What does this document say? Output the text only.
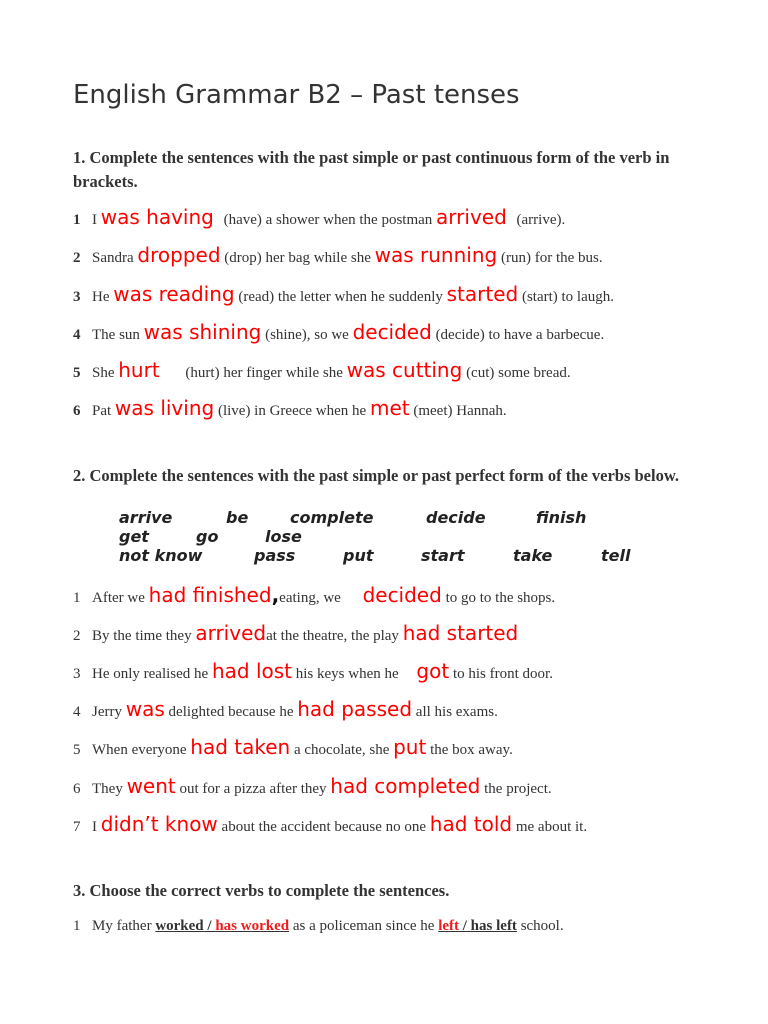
English Grammar B2 – Past tenses

1. Complete the sentences with the past simple or past continuous form of the verb in brackets.

1 I was having (have) a shower when the postman arrived (arrive).
2 Sandra dropped (drop) her bag while she was running (run) for the bus.
3 He was reading (read) the letter when he suddenly started (start) to laugh.
4 The sun was shining (shine), so we decided (decide) to have a barbecue.
5 She hurt (hurt) her finger while she was cutting (cut) some bread.
6 Pat was living (live) in Greece when he met (meet) Hannah.

2. Complete the sentences with the past simple or past perfect form of the verbs below.

arrive	be	complete	decide	finish
get	go	lose
not know	pass	put	start	take	tell
1 After we had finished,eating, we decided to go to the shops.
2 By the time they arrivedat the theatre, the play had started
3 He only realised he had lost his keys when he got to his front door.
4 Jerry was delighted because he had passed all his exams.
5 When everyone had taken a chocolate, she put the box away.
6 They went out for a pizza after they had completed the project.
7 I didn’t know about the accident because no one had told me about it.

3. Choose the correct verbs to complete the sentences.

1 My father worked / has worked as a policeman since he left / has left school.
